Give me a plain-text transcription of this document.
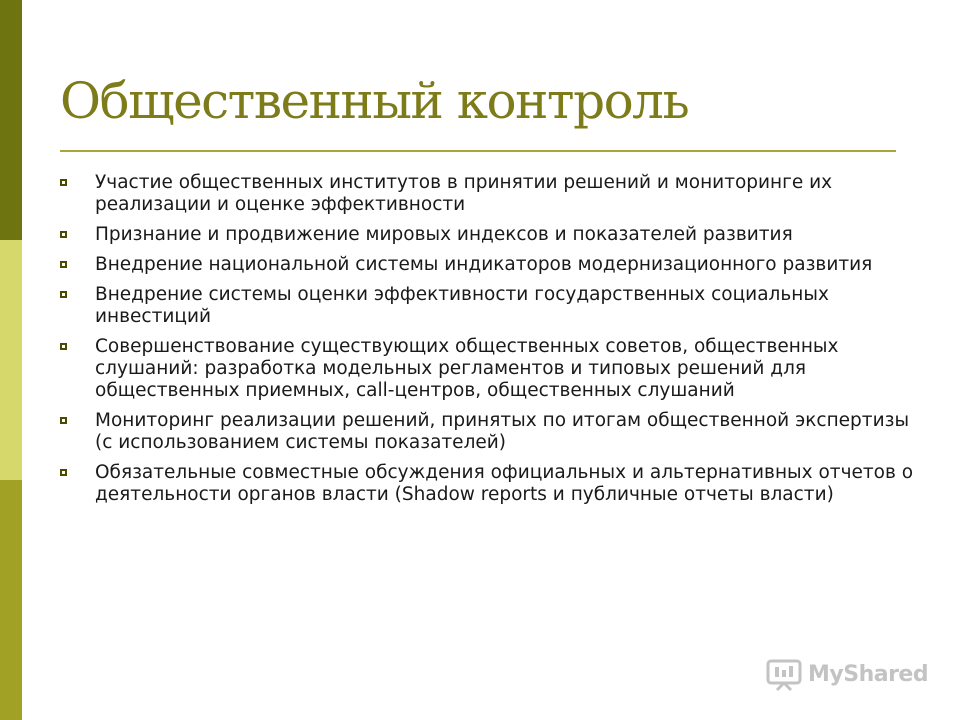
Общественный контроль
Участие общественных институтов в принятии решений и мониторинге их реализации и оценке эффективности
Признание и продвижение мировых индексов и показателей развития
Внедрение национальной системы индикаторов модернизационного развития
Внедрение системы оценки эффективности государственных социальных инвестиций
Совершенствование существующих общественных советов, общественных слушаний: разработка модельных регламентов и типовых решений для общественных приемных, call-центров, общественных слушаний
Мониторинг реализации решений, принятых по итогам общественной экспертизы (с использованием системы показателей)
Обязательные совместные обсуждения официальных и альтернативных отчетов о деятельности органов власти (Shadow reports и публичные отчеты власти)
MyShared
